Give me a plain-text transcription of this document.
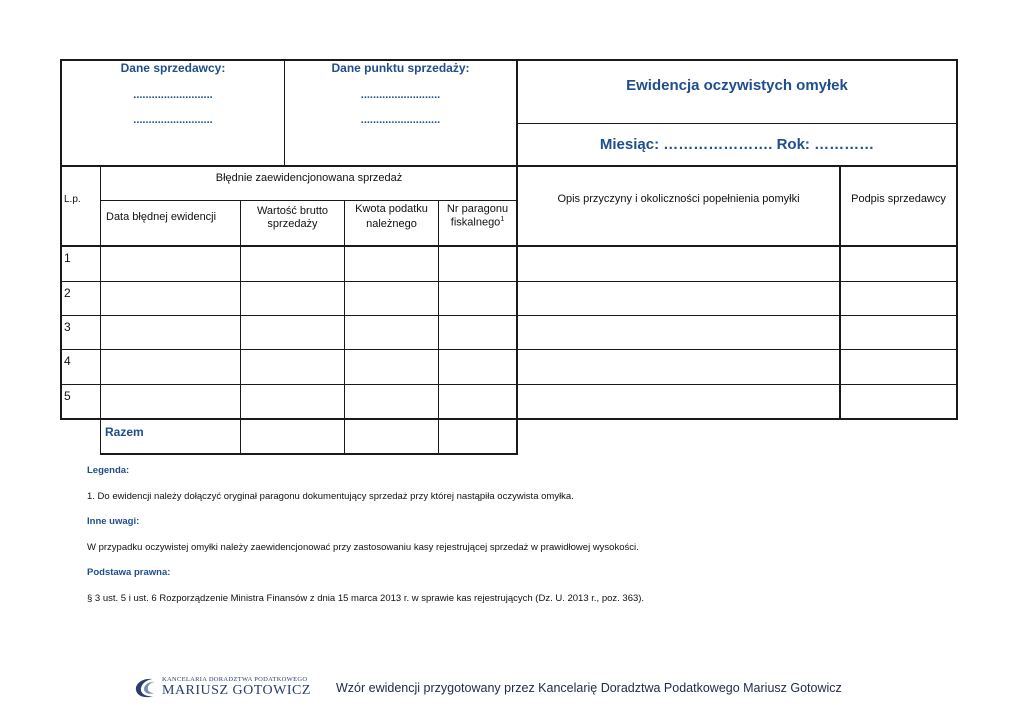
Dane sprzedawcy:
..........................
..........................
Dane punktu sprzedaży:
..........................
..........................
Ewidencja oczywistych omyłek
Miesiąc: …………………. Rok: …………
L.p.
Błędnie zaewidencjonowana sprzedaż
Data błędnej ewidencji	Wartość brutto
sprzedaży
Kwota podatku
należnego
Nr paragonu
fiskalnego$^1$
Opis przyczyny i okoliczności popełnienia pomyłki	Podpis sprzedawcy
1
2
3
4
5
Razem
Legenda:
1. Do ewidencji należy dołączyć oryginał paragonu dokumentujący sprzedaż przy której nastąpiła oczywista omyłka.
Inne uwagi:
W przypadku oczywistej omyłki należy zaewidencjonować przy zastosowaniu kasy rejestrującej sprzedaż w prawidłowej wysokości.
Podstawa prawna:
§ 3 ust. 5 i ust. 6 Rozporządzenie Ministra Finansów z dnia 15 marca 2013 r. w sprawie kas rejestrujących (Dz. U. 2013 r., poz. 363).
KANCELARIA DORADZTWA PODATKOWEGO
MARIUSZ GOTOWICZ Wzór ewidencji przygotowany przez Kancelarię Doradztwa Podatkowego Mariusz Gotowicz
